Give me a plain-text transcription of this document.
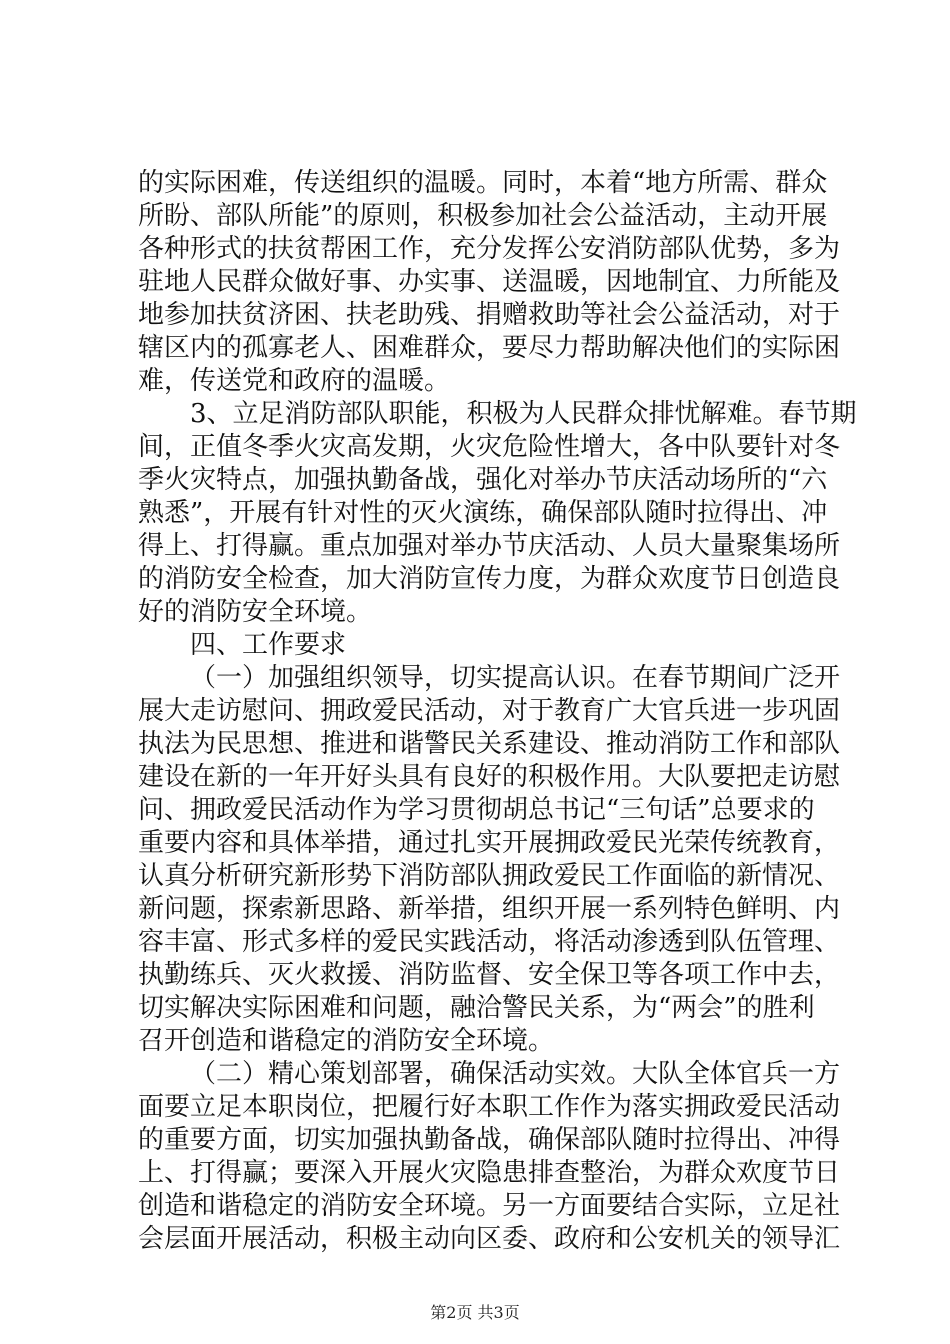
的实际困难，传送组织的温暖。同时，本着“地方所需、群众
所盼、部队所能”的原则，积极参加社会公益活动，主动开展
各种形式的扶贫帮困工作，充分发挥公安消防部队优势，多为
驻地人民群众做好事、办实事、送温暖，因地制宜、力所能及
地参加扶贫济困、扶老助残、捐赠救助等社会公益活动，对于
辖区内的孤寡老人、困难群众，要尽力帮助解决他们的实际困
难，传送党和政府的温暖。
3、立足消防部队职能，积极为人民群众排忧解难。春节期
间，正值冬季火灾高发期，火灾危险性增大，各中队要针对冬
季火灾特点，加强执勤备战，强化对举办节庆活动场所的“六
熟悉”，开展有针对性的灭火演练，确保部队随时拉得出、冲
得上、打得赢。重点加强对举办节庆活动、人员大量聚集场所
的消防安全检查，加大消防宣传力度，为群众欢度节日创造良
好的消防安全环境。
四、工作要求
（一）加强组织领导，切实提高认识。在春节期间广泛开
展大走访慰问、拥政爱民活动，对于教育广大官兵进一步巩固
执法为民思想、推进和谐警民关系建设、推动消防工作和部队
建设在新的一年开好头具有良好的积极作用。大队要把走访慰
问、拥政爱民活动作为学习贯彻胡总书记“三句话”总要求的
重要内容和具体举措，通过扎实开展拥政爱民光荣传统教育，
认真分析研究新形势下消防部队拥政爱民工作面临的新情况、
新问题，探索新思路、新举措，组织开展一系列特色鲜明、内
容丰富、形式多样的爱民实践活动，将活动渗透到队伍管理、
执勤练兵、灭火救援、消防监督、安全保卫等各项工作中去，
切实解决实际困难和问题，融洽警民关系，为“两会”的胜利
召开创造和谐稳定的消防安全环境。
（二）精心策划部署，确保活动实效。大队全体官兵一方
面要立足本职岗位，把履行好本职工作作为落实拥政爱民活动
的重要方面，切实加强执勤备战，确保部队随时拉得出、冲得
上、打得赢；要深入开展火灾隐患排查整治，为群众欢度节日
创造和谐稳定的消防安全环境。另一方面要结合实际，立足社
会层面开展活动，积极主动向区委、政府和公安机关的领导汇
第2页 共3页
